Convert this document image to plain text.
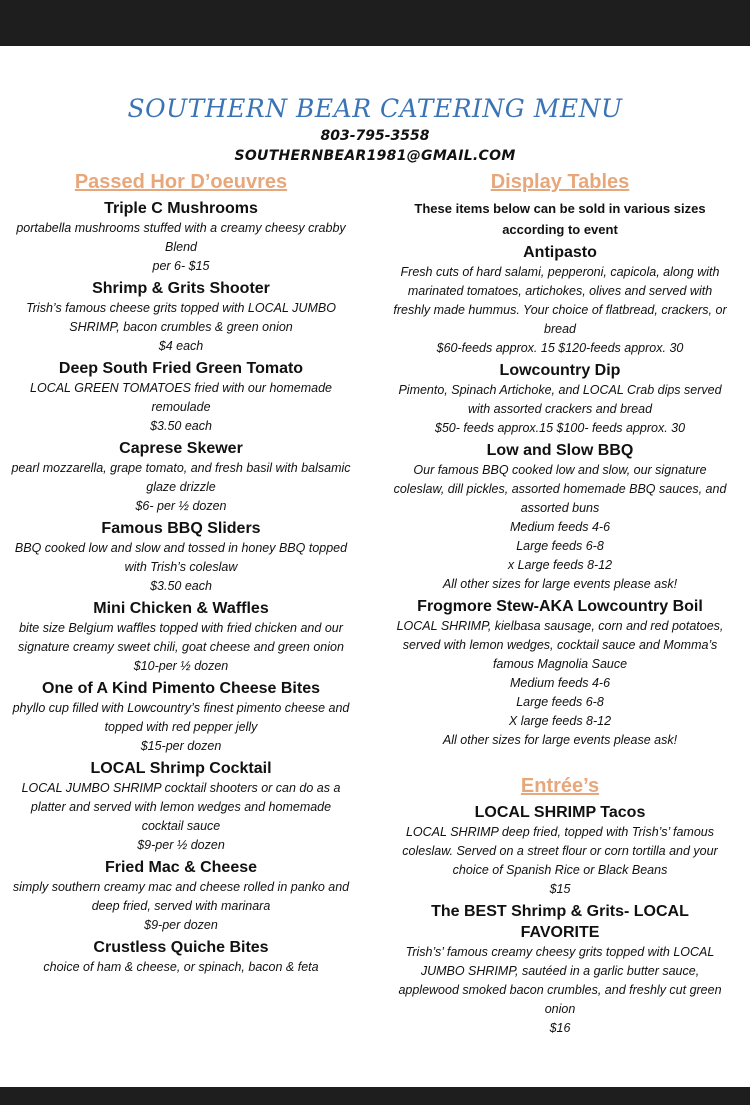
SOUTHERN BEAR CATERING MENU
803-795-3558
SOUTHERNBEAR1981@GMAIL.COM
Passed Hor D’oeuvres
Triple C Mushrooms
portabella mushrooms stuffed with a creamy cheesy crabby Blend
per 6- $15
Shrimp & Grits Shooter
Trish’s famous cheese grits topped with LOCAL JUMBO SHRIMP, bacon crumbles & green onion
$4 each
Deep South Fried Green Tomato
LOCAL GREEN TOMATOES fried with our homemade remoulade
$3.50 each
Caprese Skewer
pearl mozzarella, grape tomato, and fresh basil with balsamic glaze drizzle
$6- per ½ dozen
Famous BBQ Sliders
BBQ cooked low and slow and tossed in honey BBQ topped with Trish’s coleslaw
$3.50 each
Mini Chicken & Waffles
bite size Belgium waffles topped with fried chicken and our signature creamy sweet chili, goat cheese and green onion
$10-per ½ dozen
One of A Kind Pimento Cheese Bites
phyllo cup filled with Lowcountry’s finest pimento cheese and topped with red pepper jelly
$15-per dozen
LOCAL Shrimp Cocktail
LOCAL JUMBO SHRIMP cocktail shooters or can do as a platter and served with lemon wedges and homemade cocktail sauce
$9-per ½ dozen
Fried Mac & Cheese
simply southern creamy mac and cheese rolled in panko and deep fried, served with marinara
$9-per dozen
Crustless Quiche Bites
choice of ham & cheese, or spinach, bacon & feta
Display Tables
These items below can be sold in various sizes according to event
Antipasto
Fresh cuts of hard salami, pepperoni, capicola, along with marinated tomatoes, artichokes, olives and served with freshly made hummus. Your choice of flatbread, crackers, or bread
$60-feeds approx. 15 $120-feeds approx. 30
Lowcountry Dip
Pimento, Spinach Artichoke, and LOCAL Crab dips served with assorted crackers and bread
$50- feeds approx.15 $100- feeds approx. 30
Low and Slow BBQ
Our famous BBQ cooked low and slow, our signature coleslaw, dill pickles, assorted homemade BBQ sauces, and assorted buns
Medium feeds 4-6
Large feeds 6-8
x Large feeds 8-12
All other sizes for large events please ask!
Frogmore Stew-AKA Lowcountry Boil
LOCAL SHRIMP, kielbasa sausage, corn and red potatoes, served with lemon wedges, cocktail sauce and Momma’s famous Magnolia Sauce
Medium feeds 4-6
Large feeds 6-8
X large feeds 8-12
All other sizes for large events please ask!
Entrée’s
LOCAL SHRIMP Tacos
LOCAL SHRIMP deep fried, topped with Trish’s’ famous coleslaw. Served on a street flour or corn tortilla and your choice of Spanish Rice or Black Beans
$15
The BEST Shrimp & Grits- LOCAL FAVORITE
Trish’s’ famous creamy cheesy grits topped with LOCAL JUMBO SHRIMP, sautéed in a garlic butter sauce, applewood smoked bacon crumbles, and freshly cut green onion
$16
